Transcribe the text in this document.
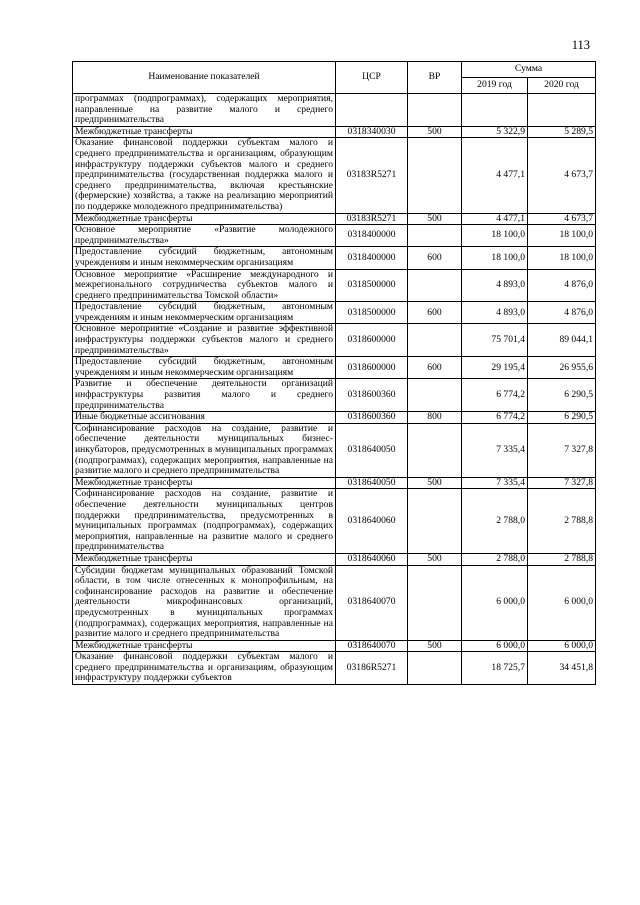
113
Наименование показателей	ЦСР	ВР	Сумма	
			2019 год	2020 год
программах (подпрограммах), содержащих мероприятия, направленные на развитие малого и среднего предпринимательства				
Межбюджетные трансферты	0318340030	500	5 322,9	5 289,5
Оказание финансовой поддержки субъектам малого и среднего предпринимательства и организациям, образующим инфраструктуру поддержки субъектов малого и среднего предпринимательства (государственная поддержка малого и среднего предпринимательства, включая крестьянские (фермерские) хозяйства, а также на реализацию мероприятий по поддержке молодежного предпринимательства)	03183R5271		4 477,1	4 673,7
Межбюджетные трансферты	03183R5271	500	4 477,1	4 673,7
Основное мероприятие «Развитие молодежного предпринимательства»	0318400000		18 100,0	18 100,0
Предоставление субсидий бюджетным, автономным учреждениям и иным некоммерческим организациям	0318400000	600	18 100,0	18 100,0
Основное мероприятие «Расширение международного и межрегионального сотрудничества субъектов малого и среднего предпринимательства Томской области»	0318500000		4 893,0	4 876,0
Предоставление субсидий бюджетным, автономным учреждениям и иным некоммерческим организациям	0318500000	600	4 893,0	4 876,0
Основное мероприятие «Создание и развитие эффективной инфраструктуры поддержки субъектов малого и среднего предпринимательства»	0318600000		75 701,4	89 044,1
Предоставление субсидий бюджетным, автономным учреждениям и иным некоммерческим организациям	0318600000	600	29 195,4	26 955,6
Развитие и обеспечение деятельности организаций инфраструктуры развития малого и среднего предпринимательства	0318600360		6 774,2	6 290,5
Иные бюджетные ассигнования	0318600360	800	6 774,2	6 290,5
Софинансирование расходов на создание, развитие и обеспечение деятельности муниципальных бизнес-инкубаторов, предусмотренных в муниципальных программах (подпрограммах), содержащих мероприятия, направленные на развитие малого и среднего предпринимательства	0318640050		7 335,4	7 327,8
Межбюджетные трансферты	0318640050	500	7 335,4	7 327,8
Софинансирование расходов на создание, развитие и обеспечение деятельности муниципальных центров поддержки предпринимательства, предусмотренных в муниципальных программах (подпрограммах), содержащих мероприятия, направленные на развитие малого и среднего предпринимательства	0318640060		2 788,0	2 788,8
Межбюджетные трансферты	0318640060	500	2 788,0	2 788,8
Субсидии бюджетам муниципальных образований Томской области, в том числе отнесенных к монопрофильным, на софинансирование расходов на развитие и обеспечение деятельности микрофинансовых организаций, предусмотренных в муниципальных программах (подпрограммах), содержащих мероприятия, направленные на развитие малого и среднего предпринимательства	0318640070		6 000,0	6 000,0
Межбюджетные трансферты	0318640070	500	6 000,0	6 000,0
Оказание финансовой поддержки субъектам малого и среднего предпринимательства и организациям, образующим инфраструктуру поддержки субъектов	03186R5271		18 725,7	34 451,8
